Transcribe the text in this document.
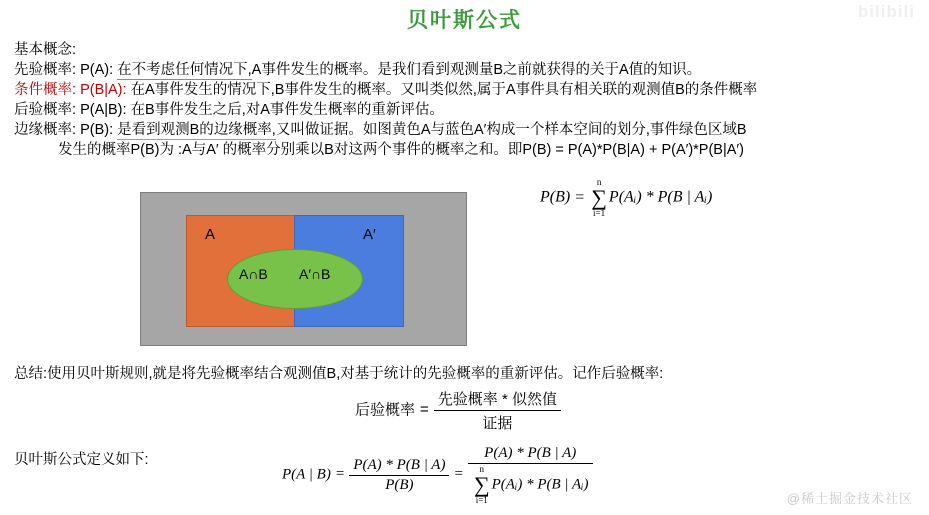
bilibili
贝叶斯公式
基本概念:
先验概率: P(A): 在不考虑任何情况下,A事件发生的概率。是我们看到观测量B之前就获得的关于A值的知识。
条件概率: P(B|A): 在A事件发生的情况下,B事件发生的概率。又叫类似然,属于A事件具有相关联的观测值B的条件概率
后验概率: P(A|B): 在B事件发生之后,对A事件发生概率的重新评估。
边缘概率: P(B): 是看到观测B的边缘概率,又叫做证据。如图黄色A与蓝色A′构成一个样本空间的划分,事件绿色区域B
发生的概率P(B)为 :A与A′ 的概率分别乘以B对这两个事件的概率之和。即P(B) = P(A)*P(B|A) + P(A′)*P(B|A′)
A	A′
A∩B A′∩B
P(B) =
n
∑
i=1
P(Aᵢ) * P(B | Aᵢ)
总结:使用贝叶斯规则,就是将先验概率结合观测值B,对基于统计的先验概率的重新评估。记作后验概率:
后验概率 = $\frac{\text{先验概率 * 似然值}}{\text{证据}}$
贝叶斯公式定义如下:
P(A | $B) = \frac{P(A) * P(B | A)}{P(B)} = P(A) * P(B$ | A)
n
∑
i=1
P(Aᵢ) * P(B | Aᵢ)	@稀土掘金技术社区
